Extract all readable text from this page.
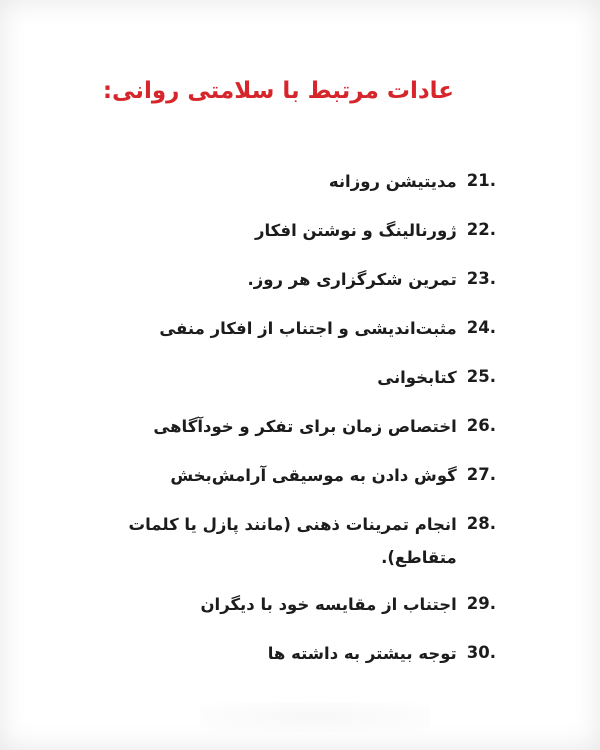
عادات مرتبط با سلامتی روانی:
21.
مدیتیشن روزانه
22.
ژورنالینگ و نوشتن افکار
23.
تمرین شکرگزاری هر روز.
24.
مثبت‌اندیشی و اجتناب از افکار منفی
25.
کتابخوانی
26.
اختصاص زمان برای تفکر و خودآگاهی
27.
گوش دادن به موسیقی آرامش‌بخش
28.
انجام تمرینات ذهنی (مانند پازل یا کلمات متقاطع).
29.
اجتناب از مقایسه خود با دیگران
30.
توجه بیشتر به داشته ها
